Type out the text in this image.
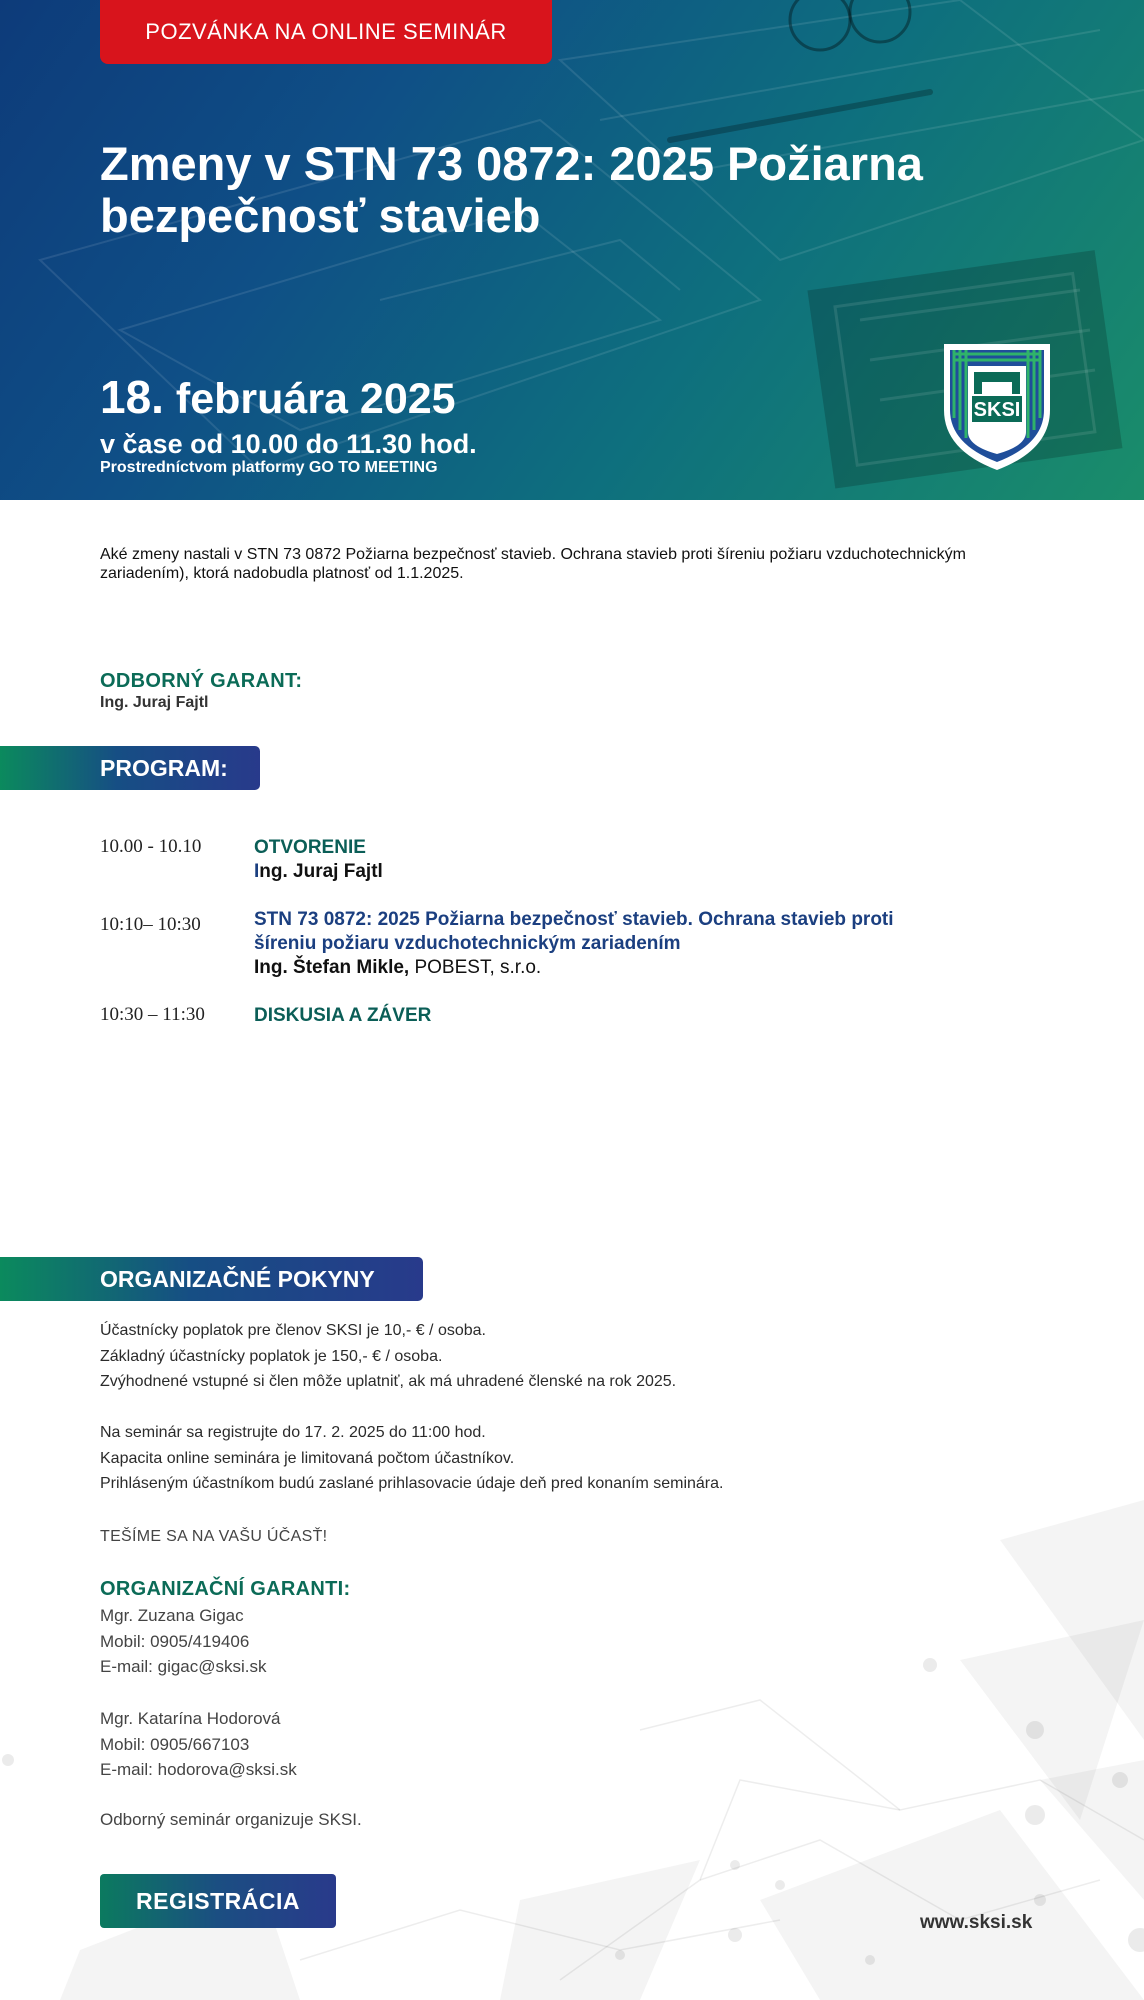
POZVÁNKA NA ONLINE SEMINÁR
Zmeny v STN 73 0872: 2025 Požiarna
bezpečnosť stavieb
18. februára 2025
v čase od 10.00 do 11.30 hod.
Prostredníctvom platformy GO TO MEETING
SKSI
Aké zmeny nastali v STN 73 0872 Požiarna bezpečnosť stavieb. Ochrana stavieb proti šíreniu požiaru vzduchotechnickým
zariadením), ktorá nadobudla platnosť od 1.1.2025.
ODBORNÝ GARANT:
Ing. Juraj Fajtl
PROGRAM:
10.00 - 10.10	OTVORENIE
Ing. Juraj Fajtl
10:10– 10:30	STN 73 0872: 2025 Požiarna bezpečnosť stavieb. Ochrana stavieb proti
šíreniu požiaru vzduchotechnickým zariadením
Ing. Štefan Mikle, POBEST, s.r.o.
10:30 – 11:30	DISKUSIA A ZÁVER
ORGANIZAČNÉ POKYNY
Účastnícky poplatok pre členov SKSI je 10,- € / osoba.
Základný účastnícky poplatok je 150,- € / osoba.
Zvýhodnené vstupné si člen môže uplatniť, ak má uhradené členské na rok 2025.
Na seminár sa registrujte do 17. 2. 2025 do 11:00 hod.
Kapacita online seminára je limitovaná počtom účastníkov.
Prihláseným účastníkom budú zaslané prihlasovacie údaje deň pred konaním seminára.
TEŠÍME SA NA VAŠU ÚČASŤ!
ORGANIZAČNÍ GARANTI:
Mgr. Zuzana Gigac
Mobil: 0905/419406
E-mail: gigac@sksi.sk
Mgr. Katarína Hodorová
Mobil: 0905/667103
E-mail: hodorova@sksi.sk
Odborný seminár organizuje SKSI.
REGISTRÁCIA
www.sksi.sk
